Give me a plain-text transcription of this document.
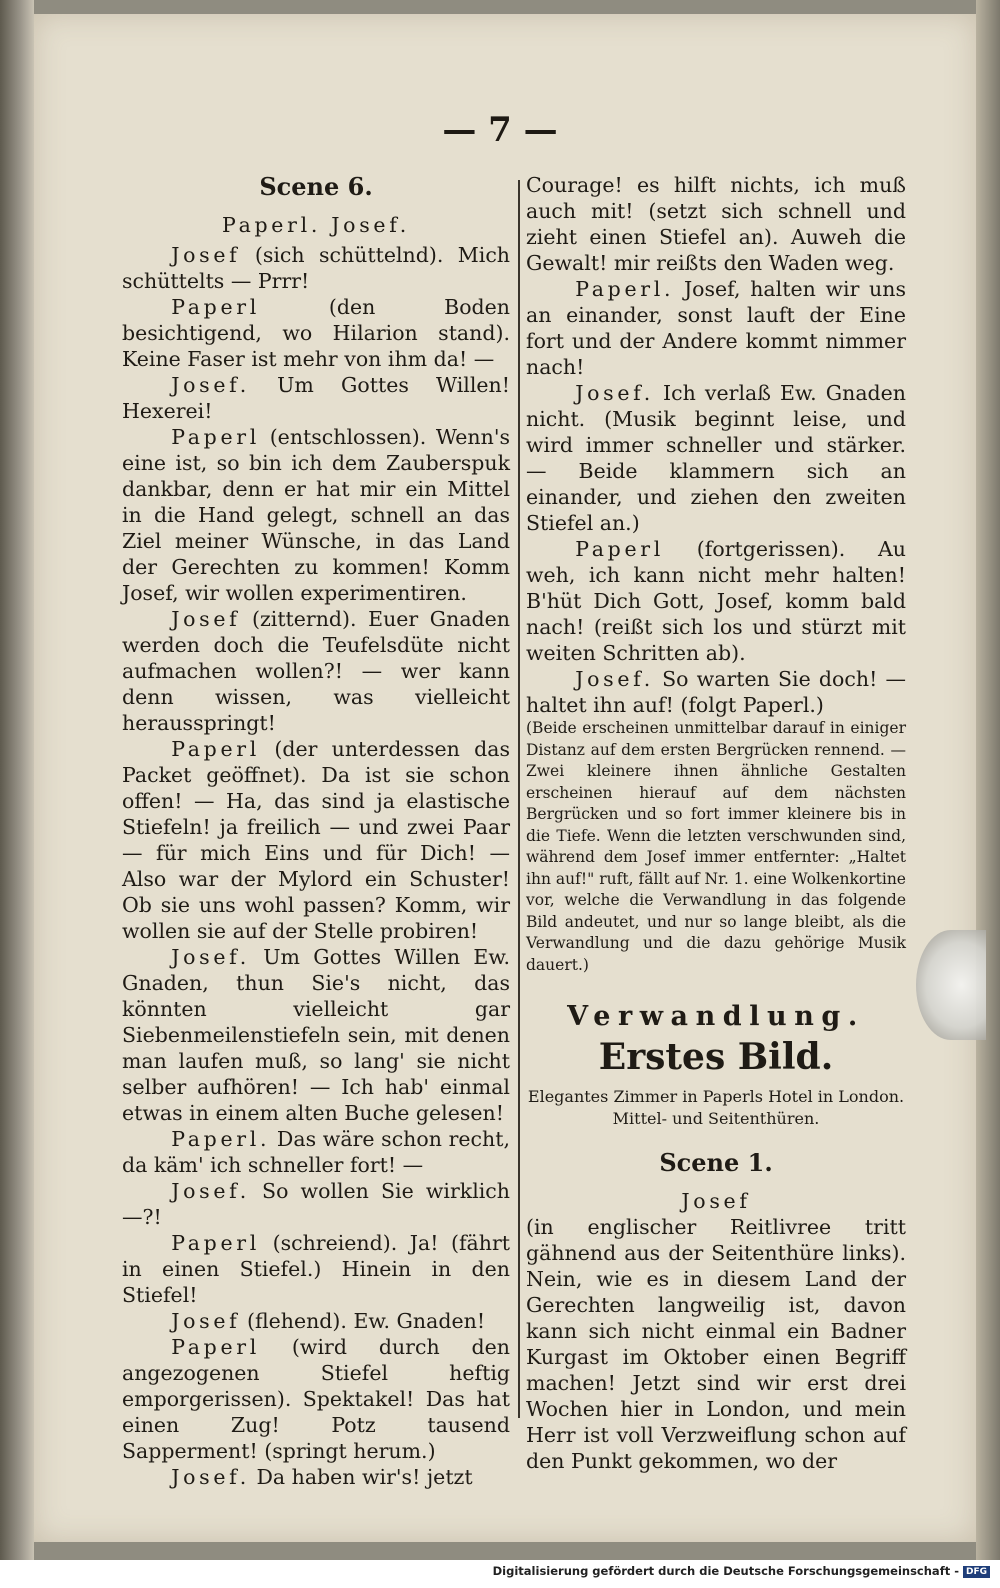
— 7 —

Scene 6.

Paperl. Josef.

Josef (sich schüttelnd). Mich schüttelts — Prrr!

Paperl (den Boden besichtigend, wo Hilarion stand). Keine Faser ist mehr von ihm da! —

Josef. Um Gottes Willen! Hexerei!

Paperl (entschlossen). Wenn's eine ist, so bin ich dem Zauberspuk dankbar, denn er hat mir ein Mittel in die Hand gelegt, schnell an das Ziel meiner Wünsche, in das Land der Gerechten zu kommen! Komm Josef, wir wollen experimentiren.

Josef (zitternd). Euer Gnaden werden doch die Teufelsdüte nicht aufmachen wollen?! — wer kann denn wissen, was vielleicht herausspringt!

Paperl (der unterdessen das Packet geöffnet). Da ist sie schon offen! — Ha, das sind ja elastische Stiefeln! ja freilich — und zwei Paar — für mich Eins und für Dich! — Also war der Mylord ein Schuster! Ob sie uns wohl passen? Komm, wir wollen sie auf der Stelle probiren!

Josef. Um Gottes Willen Ew. Gnaden, thun Sie's nicht, das könnten vielleicht gar Siebenmeilenstiefeln sein, mit denen man laufen muß, so lang' sie nicht selber aufhören! — Ich hab' einmal etwas in einem alten Buche gelesen!

Paperl. Das wäre schon recht, da käm' ich schneller fort! —

Josef. So wollen Sie wirklich —?!

Paperl (schreiend). Ja! (fährt in einen Stiefel.) Hinein in den Stiefel!

Josef (flehend). Ew. Gnaden!

Paperl (wird durch den angezogenen Stiefel heftig emporgerissen). Spektakel! Das hat einen Zug! Potz tausend Sapperment! (springt herum.)

Josef. Da haben wir's! jetzt

Courage! es hilft nichts, ich muß auch mit! (setzt sich schnell und zieht einen Stiefel an). Auweh die Gewalt! mir reißts den Waden weg.

Paperl. Josef, halten wir uns an einander, sonst lauft der Eine fort und der Andere kommt nimmer nach!

Josef. Ich verlaß Ew. Gnaden nicht. (Musik beginnt leise, und wird immer schneller und stärker. — Beide klammern sich an einander, und ziehen den zweiten Stiefel an.)

Paperl (fortgerissen). Au weh, ich kann nicht mehr halten! B'hüt Dich Gott, Josef, komm bald nach! (reißt sich los und stürzt mit weiten Schritten ab).

Josef. So warten Sie doch! — haltet ihn auf! (folgt Paperl.)

(Beide erscheinen unmittelbar darauf in einiger Distanz auf dem ersten Bergrücken rennend. — Zwei kleinere ihnen ähnliche Gestalten erscheinen hierauf auf dem nächsten Bergrücken und so fort immer kleinere bis in die Tiefe. Wenn die letzten verschwunden sind, während dem Josef immer entfernter: „Haltet ihn auf!" ruft, fällt auf Nr. 1. eine Wolkenkortine vor, welche die Verwandlung in das folgende Bild andeutet, und nur so lange bleibt, als die Verwandlung und die dazu gehörige Musik dauert.)

Verwandlung.

Erstes Bild.

Elegantes Zimmer in Paperls Hotel in London. Mittel- und Seitenthüren.

Scene 1.

Josef

(in englischer Reitlivree tritt gähnend aus der Seitenthüre links). Nein, wie es in diesem Land der Gerechten langweilig ist, davon kann sich nicht einmal ein Badner Kurgast im Oktober einen Begriff machen! Jetzt sind wir erst drei Wochen hier in London, und mein Herr ist voll Verzweiflung schon auf den Punkt gekommen, wo der

Digitalisierung gefördert durch die Deutsche Forschungsgemeinschaft - DFG
